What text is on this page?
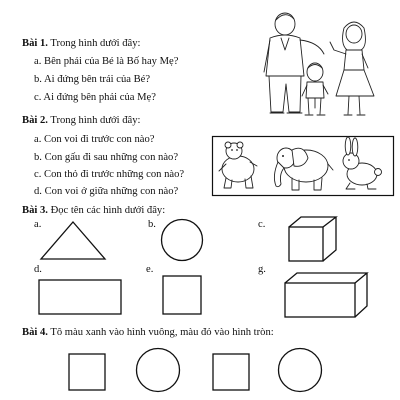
Bài 1. Trong hình dưới đây:
a. Bên phải của Bé là Bố hay Mẹ?
b. Ai đứng bên trái của Bé?
c. Ai đứng bên phải của Mẹ?
Bài 2. Trong hình dưới đây:
a. Con voi đi trước con nào?
b. Con gấu đi sau những con nào?
c. Con thỏ đi trước những con nào?
d. Con voi ở giữa những con nào?
Bài 3. Đọc tên các hình dưới đây:
a.	b.	c.
d.	e.	g.
Bài 4. Tô màu xanh vào hình vuông, màu đỏ vào hình tròn:
